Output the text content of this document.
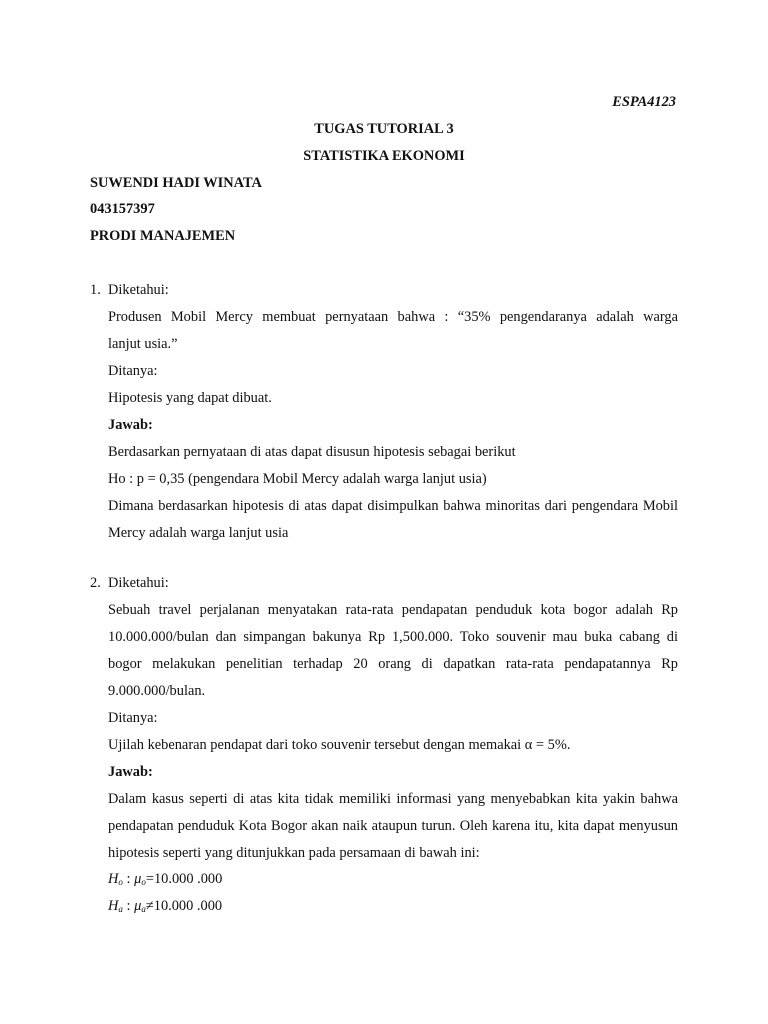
ESPA4123
TUGAS TUTORIAL 3
STATISTIKA EKONOMI
SUWENDI HADI WINATA
043157397
PRODI MANAJEMEN
1. Diketahui:
Produsen Mobil Mercy membuat pernyataan bahwa : “35% pengendaranya adalah warga
lanjut usia.”
Ditanya:
Hipotesis yang dapat dibuat.
Jawab:
Berdasarkan pernyataan di atas dapat disusun hipotesis sebagai berikut
Ho : p = 0,35 (pengendara Mobil Mercy adalah warga lanjut usia)
Dimana berdasarkan hipotesis di atas dapat disimpulkan bahwa minoritas dari pengendara Mobil Mercy adalah warga lanjut usia
2. Diketahui:
Sebuah travel perjalanan menyatakan rata-rata pendapatan penduduk kota bogor adalah Rp 10.000.000/bulan dan simpangan bakunya Rp 1,500.000. Toko souvenir mau buka cabang di bogor melakukan penelitian terhadap 20 orang di dapatkan rata-rata pendapatannya Rp 9.000.000/bulan.
Ditanya:
Ujilah kebenaran pendapat dari toko souvenir tersebut dengan memakai α = 5%.
Jawab:
Dalam kasus seperti di atas kita tidak memiliki informasi yang menyebabkan kita yakin bahwa pendapatan penduduk Kota Bogor akan naik ataupun turun. Oleh karena itu, kita dapat menyusun hipotesis seperti yang ditunjukkan pada persamaan di bawah ini:
$H_o$ : $\mu_o=10.000$ .000
$H_a$ : $\mu_a\ne 10.000$ .000
